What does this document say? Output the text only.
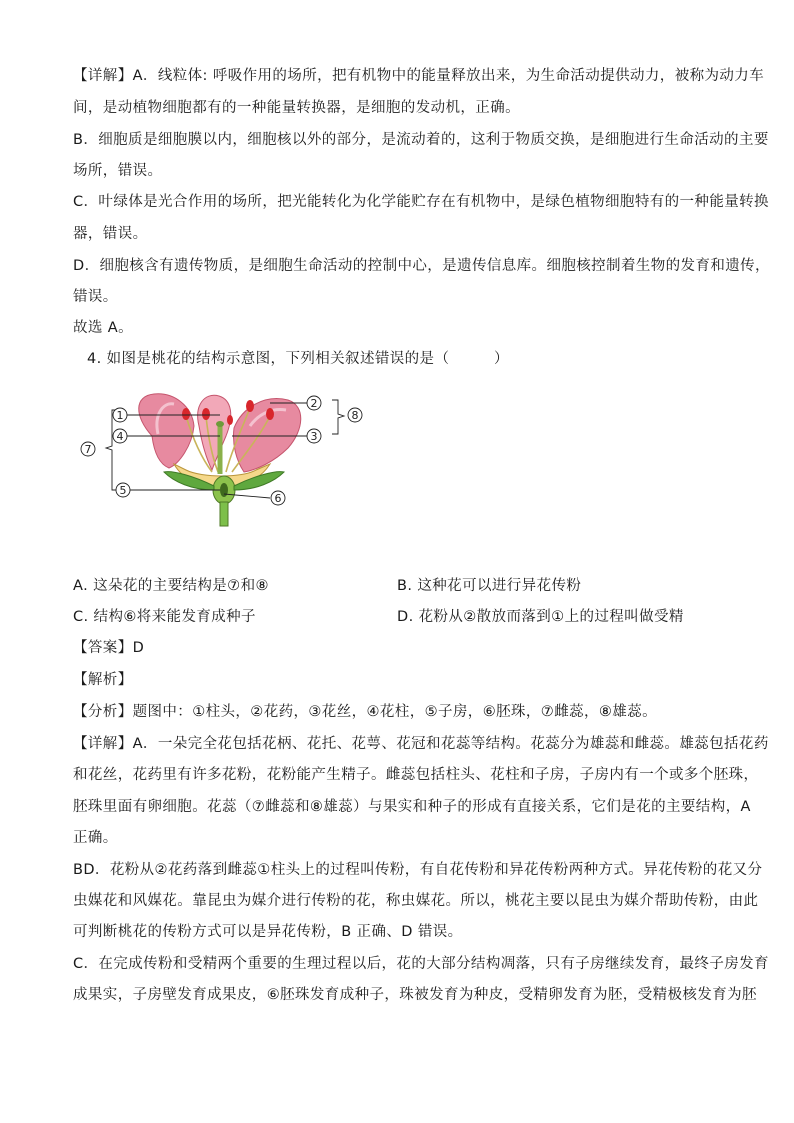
【详解】A．线粒体: 呼吸作用的场所，把有机物中的能量释放出来，为生命活动提供动力，被称为动力车
间，是动植物细胞都有的一种能量转换器，是细胞的发动机，正确。
B．细胞质是细胞膜以内，细胞核以外的部分，是流动着的，这利于物质交换，是细胞进行生命活动的主要
场所，错误。
C．叶绿体是光合作用的场所，把光能转化为化学能贮存在有机物中，是绿色植物细胞特有的一种能量转换
器，错误。
D．细胞核含有遗传物质，是细胞生命活动的控制中心，是遗传信息库。细胞核控制着生物的发育和遗传，
错误。
故选 A。
4. 如图是桃花的结构示意图，下列相关叙述错误的是（　　　）
1
4
2
3
5
6
7
8
A. 这朵花的主要结构是⑦和⑧	B. 这种花可以进行异花传粉
C. 结构⑥将来能发育成种子	D. 花粉从②散放而落到①上的过程叫做受精
【答案】D
【解析】
【分析】题图中：①柱头，②花药，③花丝，④花柱，⑤子房，⑥胚珠，⑦雌蕊，⑧雄蕊。
【详解】A．一朵完全花包括花柄、花托、花萼、花冠和花蕊等结构。花蕊分为雄蕊和雌蕊。雄蕊包括花药
和花丝，花药里有许多花粉，花粉能产生精子。雌蕊包括柱头、花柱和子房，子房内有一个或多个胚珠，
胚珠里面有卵细胞。花蕊（⑦雌蕊和⑧雄蕊）与果实和种子的形成有直接关系，它们是花的主要结构，A
正确。
BD．花粉从②花药落到雌蕊①柱头上的过程叫传粉，有自花传粉和异花传粉两种方式。异花传粉的花又分
虫媒花和风媒花。靠昆虫为媒介进行传粉的花，称虫媒花。所以，桃花主要以昆虫为媒介帮助传粉，由此
可判断桃花的传粉方式可以是异花传粉，B 正确、D 错误。
C．在完成传粉和受精两个重要的生理过程以后，花的大部分结构凋落，只有子房继续发育，最终子房发育
成果实，子房壁发育成果皮，⑥胚珠发育成种子，珠被发育为种皮，受精卵发育为胚，受精极核发育为胚
